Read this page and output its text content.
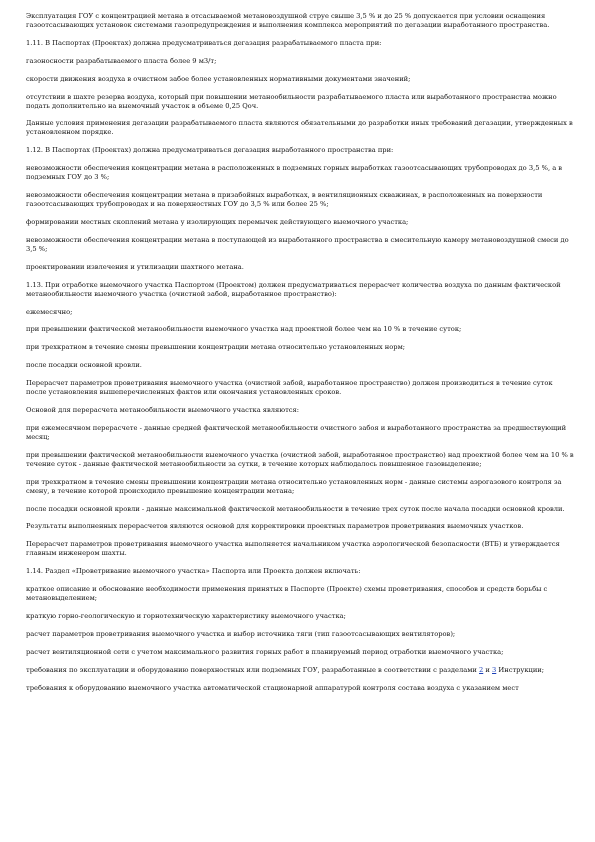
Эксплуатация ГОУ с концентрацией метана в отсасываемой метановоздушной струе свыше 3,5 % и до 25 % допускается при условии оснащения газоотсасывающих установок системами газопредупреждения и выполнения комплекса мероприятий по дегазации выработанного пространства.

1.11. В Паспортах (Проектах) должна предусматриваться дегазация разрабатываемого пласта при:

газоносности разрабатываемого пласта более 9 м3/т;

скорости движения воздуха в очистном забое более установленных нормативными документами значений;

отсутствии в шахте резерва воздуха, который при повышении метанообильности разрабатываемого пласта или выработанного пространства можно подать дополнительно на выемочный участок в объеме 0,25 Qоч.

Данные условия применения дегазации разрабатываемого пласта являются обязательными до разработки иных требований дегазации, утвержденных в установленном порядке.

1.12. В Паспортах (Проектах) должна предусматриваться дегазация выработанного пространства при:

невозможности обеспечения концентрации метана в расположенных в подземных горных выработках газоотсасывающих трубопроводах до 3,5 %, а в подземных ГОУ до 3 %;

невозможности обеспечения концентрации метана в призабойных выработках, в вентиляционных скважинах, в расположенных на поверхности газоотсасывающих трубопроводах и на поверхностных ГОУ до 3,5 % или более 25 %;

формировании местных скоплений метана у изолирующих перемычек действующего выемочного участка;

невозможности обеспечения концентрации метана в поступающей из выработанного пространства в смесительную камеру метановоздушной смеси до 3,5 %;

проектировании извлечения и утилизации шахтного метана.

1.13. При отработке выемочного участка Паспортом (Проектом) должен предусматриваться перерасчет количества воздуха по данным фактической метанообильности выемочного участка (очистной забой, выработанное пространство):

ежемесячно;

при превышении фактической метанообильности выемочного участка над проектной более чем на 10 % в течение суток;

при трехкратном в течение смены превышении концентрации метана относительно установленных норм;

после посадки основной кровли.

Перерасчет параметров проветривания выемочного участка (очистной забой, выработанное пространство) должен производиться в течение суток после установления вышеперечисленных фактов или окончания установленных сроков.

Основой для перерасчета метанообильности выемочного участка являются:

при ежемесячном перерасчете - данные средней фактической метанообильности очистного забоя и выработанного пространства за предшествующий месяц;

при превышении фактической метанообильности выемочного участка (очистной забой, выработанное пространство) над проектной более чем на 10 % в течение суток - данные фактической метанообильности за сутки, в течение которых наблюдалось повышенное газовыделение;

при трехкратном в течение смены превышении концентрации метана относительно установленных норм - данные системы аэрогазового контроля за смену, в течение которой происходило превышение концентрации метана;

после посадки основной кровли - данные максимальной фактической метанообильности в течение трех суток после начала посадки основной кровли.

Результаты выполненных перерасчетов являются основой для корректировки проектных параметров проветривания выемочных участков.

Перерасчет параметров проветривания выемочного участка выполняется начальником участка аэрологической безопасности (ВТБ) и утверждается главным инженером шахты.

1.14. Раздел «Проветривание выемочного участка» Паспорта или Проекта должен включать:

краткое описание и обоснование необходимости применения принятых в Паспорте (Проекте) схемы проветривания, способов и средств борьбы с метановыделением;

краткую горно-геологическую и горнотехническую характеристику выемочного участка;

расчет параметров проветривания выемочного участка и выбор источника тяги (тип газоотсасывающих вентиляторов);

расчет вентиляционной сети с учетом максимального развития горных работ в планируемый период отработки выемочного участка;

требования по эксплуатации и оборудованию поверхностных или подземных ГОУ, разработанные в соответствии с разделами 2 и 3 Инструкции;

требования к оборудованию выемочного участка автоматической стационарной аппаратурой контроля состава воздуха с указанием мест
